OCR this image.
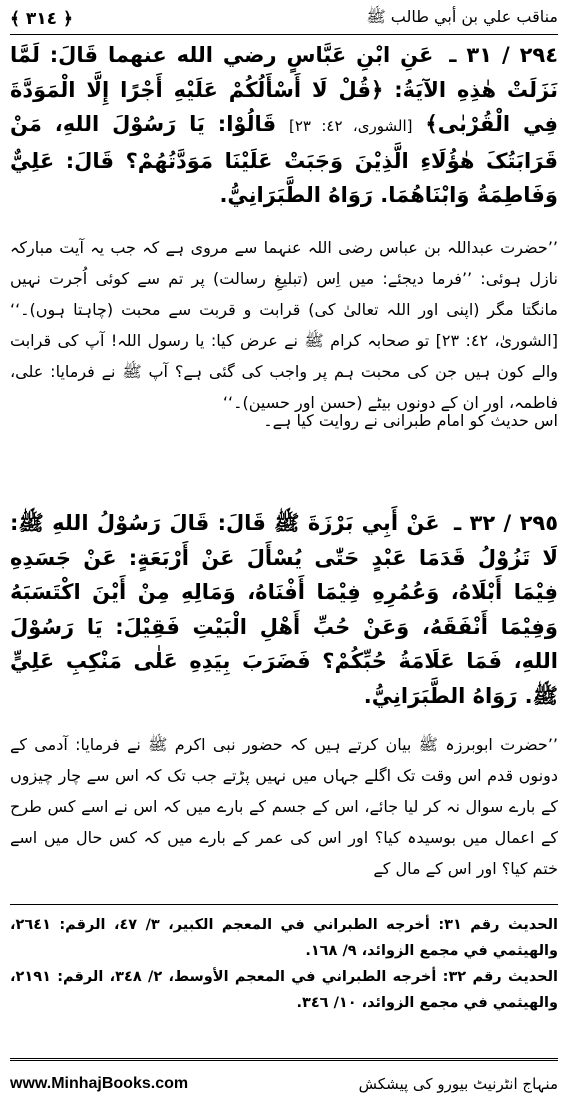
﴾ ٣١٤ ﴿	مناقب علي بن أبي طالب ﷺ
٢٩٤ / ٣١ ـ عَنِ ابْنِ عَبَّاسٍ رضي الله عنهما قَالَ: لَمَّا نَزَلَتْ هٰذِهِ الآيَةُ: ﴿قُلْ لَا أَسْأَلُكُمْ عَلَيْهِ أَجْرًا إِلَّا الْمَوَدَّةَ فِي الْقُرْبٰى﴾ [الشورى، ٤٢: ٢٣] قَالُوْا: يَا رَسُوْلَ اللهِ، مَنْ قَرَابَتُکَ هٰؤُلَاءِ الَّذِيْنَ وَجَبَتْ عَلَيْنَا مَوَدَّتُهُمْ؟ قَالَ: عَلِيٌّ وَفَاطِمَةُ وَابْنَاهُمَا. رَوَاهُ الطَّبَرَانِيُّ.
’’حضرت عبداللہ بن عباس رضی اللہ عنہما سے مروی ہے کہ جب یہ آیت مبارکہ نازل ہوئی: ’’فرما دیجئے: میں اِس (تبلیغِ رسالت) پر تم سے کوئی اُجرت نہیں مانگتا مگر (اپنی اور اللہ تعالیٰ کی) قرابت و قربت سے محبت (چاہتا ہوں)۔‘‘ [الشوریٰ، ٤٢: ٢٣] تو صحابہ کرام ﷺ نے عرض کیا: یا رسول اللہ! آپ کی قرابت والے کون ہیں جن کی محبت ہم پر واجب کی گئی ہے؟ آپ ﷺ نے فرمایا: علی، فاطمہ، اور ان کے دونوں بیٹے (حسن اور حسین)۔‘‘
اس حدیث کو امام طبرانی نے روایت کیا ہے۔
٢٩٥ / ٣٢ ـ عَنْ أَبِي بَرْزَةَ ﷺ قَالَ: قَالَ رَسُوْلُ اللهِ ﷺ: لَا تَزُوْلُ قَدَمَا عَبْدٍ حَتّٰی يُسْأَلَ عَنْ أَرْبَعَةٍ: عَنْ جَسَدِهِ فِيْمَا أَبْلَاهُ، وَعُمُرِهِ فِيْمَا أَفْنَاهُ، وَمَالِهِ مِنْ أَيْنَ اکْتَسَبَهُ وَفِيْمَا أَنْفَقَهُ، وَعَنْ حُبِّ أَهْلِ الْبَيْتِ فَقِيْلَ: يَا رَسُوْلَ اللهِ، فَمَا عَلَامَةُ حُبِّکُمْ؟ فَضَرَبَ بِيَدِهِ عَلٰی مَنْکِبِ عَلِيٍّ ﷺ. رَوَاهُ الطَّبَرَانِيُّ.
’’حضرت ابوبرزہ ﷺ بیان کرتے ہیں کہ حضور نبی اکرم ﷺ نے فرمایا: آدمی کے دونوں قدم اس وقت تک اگلے جہاں میں نہیں پڑتے جب تک کہ اس سے چار چیزوں کے بارے سوال نہ کر لیا جائے، اس کے جسم کے بارے میں کہ اس نے اسے کس طرح کے اعمال میں بوسیدہ کیا؟ اور اس کی عمر کے بارے میں کہ کس حال میں اسے ختم کیا؟ اور اس کے مال کے
الحديث رقم ٣١: أخرجه الطبراني في المعجم الکبير، ٣/ ٤٧، الرقم: ٢٦٤١، والهيثمي في مجمع الزوائد، ٩/ ١٦٨.
الحديث رقم ٣٢: أخرجه الطبراني في المعجم الأوسط، ٢/ ٣٤٨، الرقم: ٢١٩١، والهيثمي في مجمع الزوائد، ١٠/ ٣٤٦.
www.MinhajBooks.com	منہاج انٹرنیٹ بیورو کی پیشکش
